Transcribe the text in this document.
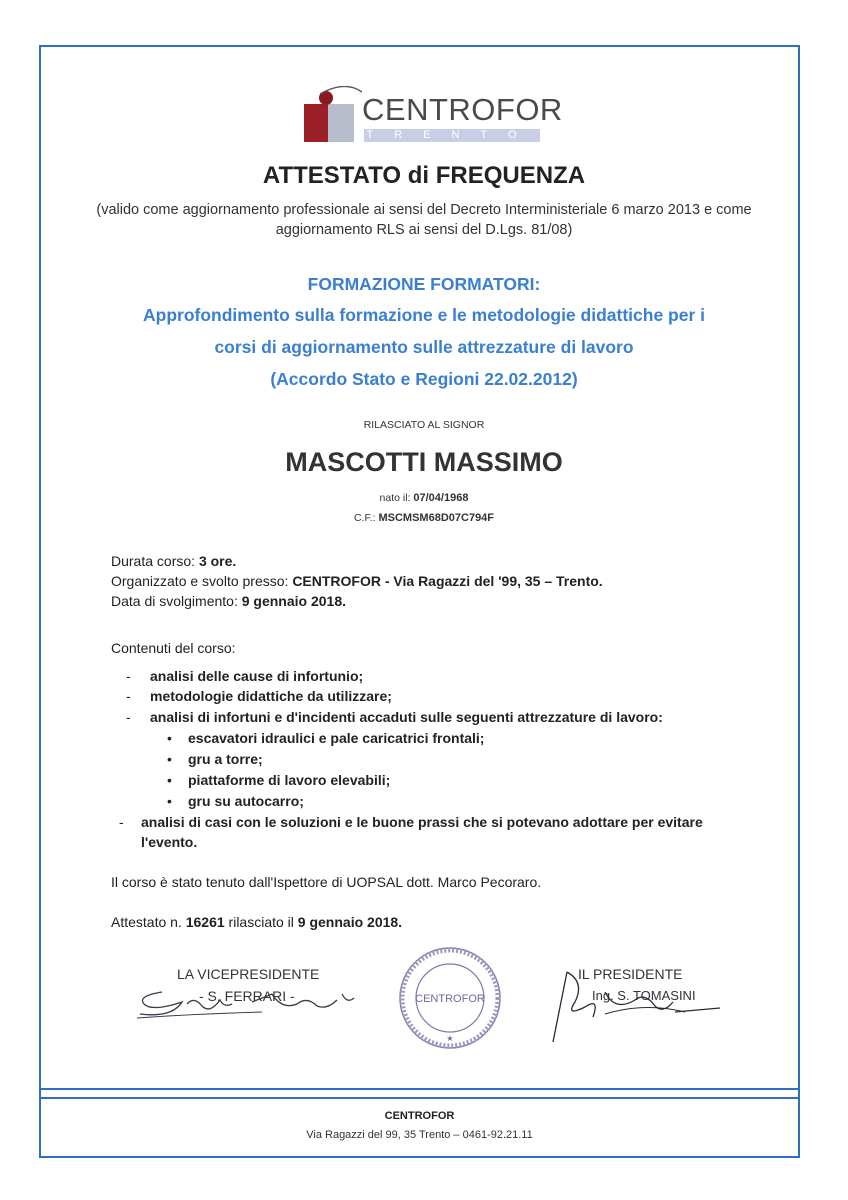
CENTROFOR
TRENTO
ATTESTATO di FREQUENZA
(valido come aggiornamento professionale ai sensi del Decreto Interministeriale 6 marzo 2013 e come aggiornamento RLS ai sensi del D.Lgs. 81/08)
FORMAZIONE FORMATORI:
Approfondimento sulla formazione e le metodologie didattiche per i
corsi di aggiornamento sulle attrezzature di lavoro
(Accordo Stato e Regioni 22.02.2012)
RILASCIATO AL SIGNOR
MASCOTTI MASSIMO
nato il: 07/04/1968
C.F.: MSCMSM68D07C794F
Durata corso: 3 ore.
Organizzato e svolto presso: CENTROFOR - Via Ragazzi del '99, 35 – Trento.
Data di svolgimento: 9 gennaio 2018.
Contenuti del corso:
- analisi delle cause di infortunio;
- metodologie didattiche da utilizzare;
- analisi di infortuni e d'incidenti accaduti sulle seguenti attrezzature di lavoro:
• escavatori idraulici e pale caricatrici frontali;
• gru a torre;
• piattaforme di lavoro elevabili;
• gru su autocarro;
- analisi di casi con le soluzioni e le buone prassi che si potevano adottare per evitare
l'evento.
Il corso è stato tenuto dall'Ispettore di UOPSAL dott. Marco Pecoraro.
Attestato n. 16261 rilasciato il 9 gennaio 2018.
LA VICEPRESIDENTE
- S. FERRARI -
IL PRESIDENTE
Ing. S. TOMASINI
CENTROFOR
★
CENTROFOR
Via Ragazzi del 99, 35 Trento – 0461-92.21.11
